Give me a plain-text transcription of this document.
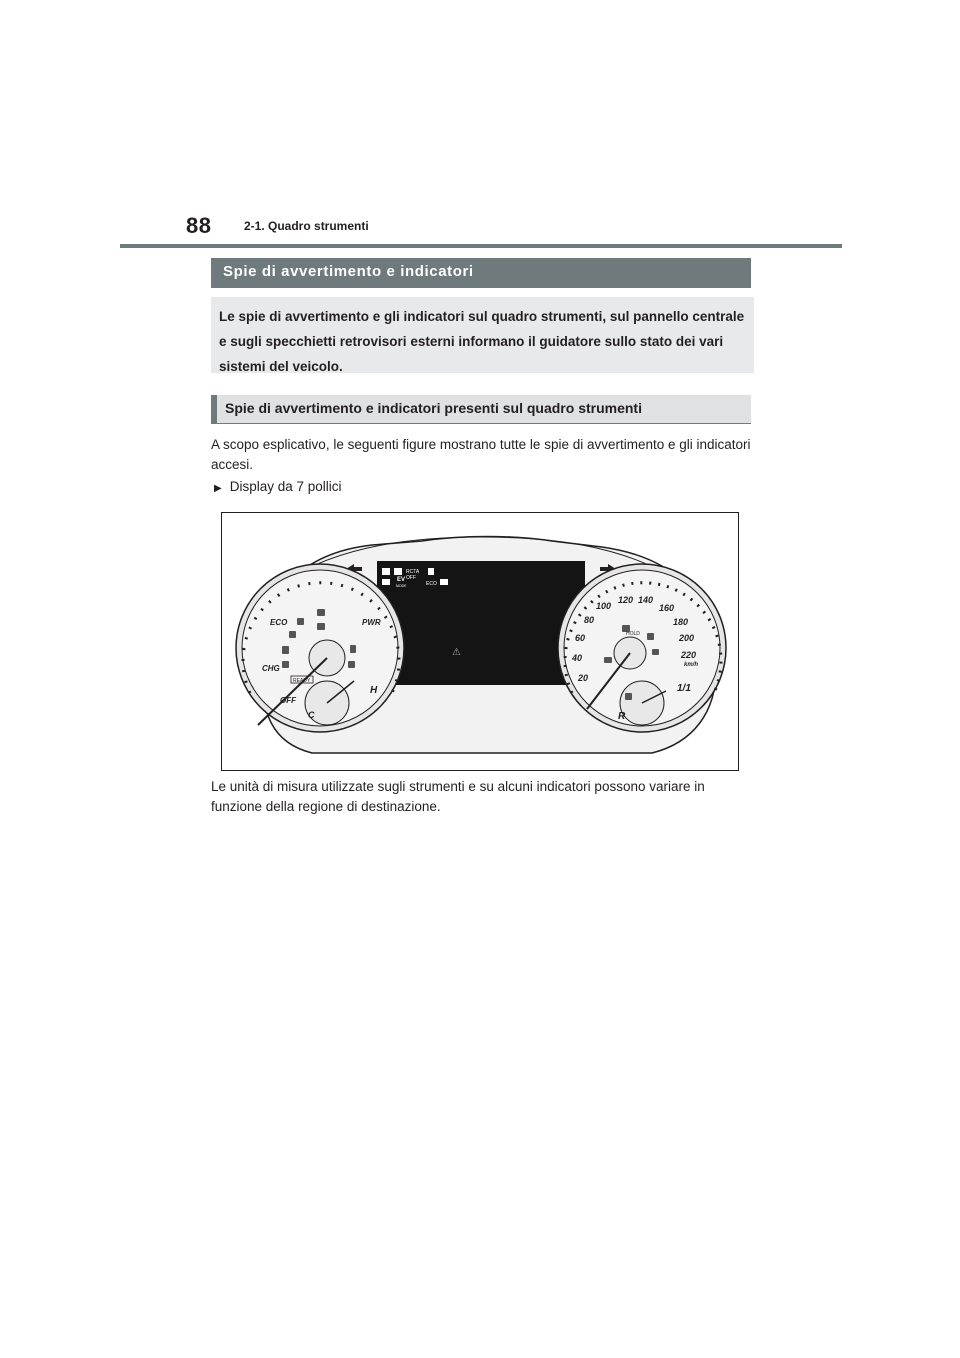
88	2-1. Quadro strumenti
Spie di avvertimento e indicatori
Le spie di avvertimento e gli indicatori sul quadro strumenti, sul pannello centrale e sugli specchietti retrovisori esterni informano il guidatore sullo stato dei vari sistemi del veicolo.
Spie di avvertimento e indicatori presenti sul quadro strumenti
A scopo esplicativo, le seguenti figure mostrano tutte le spie di avvertimento e gli indicatori accesi.
▶ Display da 7 pollici
RCTA
OFF
ECO
EV
MODE
⚠
ECO	PWR
CHG
OFF
C
H
READY	20
40
60
80
100
120 140
160
180
200
220
km/h
HOLD
R
1/1
Le unità di misura utilizzate sugli strumenti e su alcuni indicatori possono variare in funzione della regione di destinazione.
